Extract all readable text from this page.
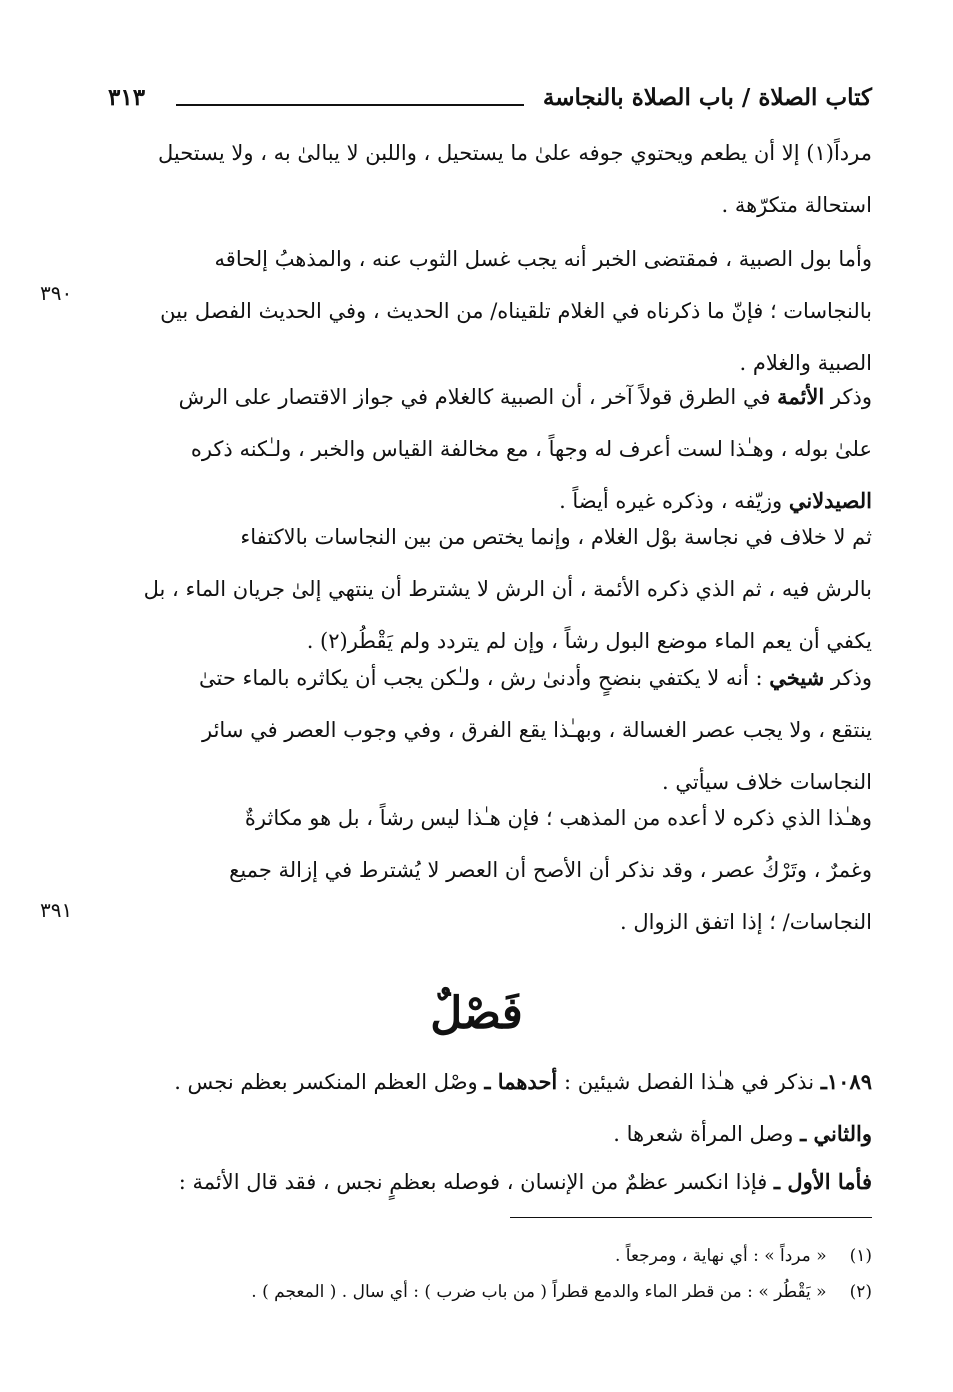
كتاب الصلاة / باب الصلاة بالنجاسة
٣١٣
مرداً(١) إلا أن يطعم ويحتوي جوفه علىٰ ما يستحيل ، واللبن لا يبالىٰ به ، ولا يستحيل
استحالة متكرّهة .
وأما بول الصبية ، فمقتضى الخبر أنه يجب غسل الثوب عنه ، والمذهبُ إلحاقه
بالنجاسات ؛ فإنّ ما ذكرناه في الغلام تلقيناه/ من الحديث ، وفي الحديث الفصل بين
الصبية والغلام .
٣٩٠
وذكر الأئمة في الطرق قولاً آخر ، أن الصبية كالغلام في جواز الاقتصار على الرش
علىٰ بوله ، وهـٰذا لست أعرف له وجهاً ، مع مخالفة القياس والخبر ، ولـٰكنه ذكره
الصيدلاني وزيّفه ، وذكره غيره أيضاً .
ثم لا خلاف في نجاسة بوْل الغلام ، وإنما يختص من بين النجاسات بالاكتفاء
بالرش فيه ، ثم الذي ذكره الأئمة ، أن الرش لا يشترط أن ينتهي إلىٰ جريان الماء ، بل
يكفي أن يعم الماء موضع البول رشاً ، وإن لم يتردد ولم يَقْطُر(٢) .
وذكر شيخي : أنه لا يكتفي بنضحٍ وأدنىٰ رش ، ولـٰكن يجب أن يكاثره بالماء حتىٰ
ينتقع ، ولا يجب عصر الغسالة ، وبهـٰذا يقع الفرق ، وفي وجوب العصر في سائر
النجاسات خلاف سيأتي .
وهـٰذا الذي ذكره لا أعده من المذهب ؛ فإن هـٰذا ليس رشاً ، بل هو مكاثرةٌ
وغمرٌ ، وتَرْكُ عصر ، وقد نذكر أن الأصح أن العصر لا يُشترط في إزالة جميع
النجاسات/ ؛ إذا اتفق الزوال .
٣٩١
فَصْلٌ
١٠٨٩ـ نذكر في هـٰذا الفصل شيئين : أحدهما ـ وصْل العظم المنكسر بعظم نجس .
والثاني ـ وصل المرأة شعرها .
فأما الأول ـ فإذا انكسر عظمٌ من الإنسان ، فوصله بعظمٍ نجس ، فقد قال الأئمة :
(١) « مرداً » : أي نهاية ، ومرجعاً .
(٢) « يَقْطُر » : من قطر الماء والدمع قطراً ( من باب ضرب ) : أي سال . ( المعجم ) .
